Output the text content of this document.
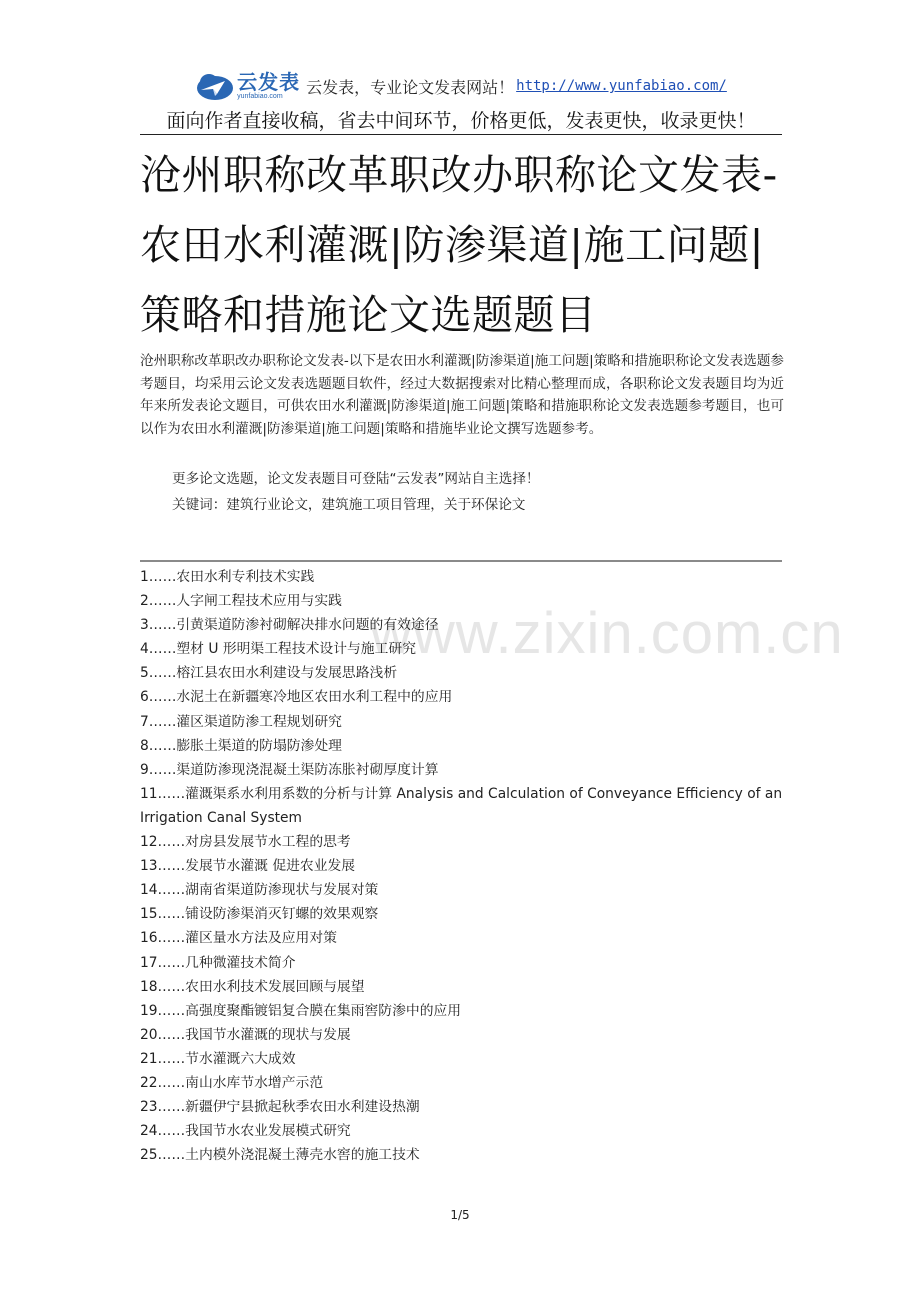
云发表
yunfabiao.com	云发表，专业论文发表网站！ http://www.yunfabiao.com/
面向作者直接收稿，省去中间环节，价格更低，发表更快，收录更快！
沧州职称改革职改办职称论文发表-农田水利灌溉|防渗渠道|施工问题|策略和措施论文选题题目

沧州职称改革职改办职称论文发表-以下是农田水利灌溉|防渗渠道|施工问题|策略和措施职称论文发表选题参考题目，均采用云论文发表选题题目软件，经过大数据搜索对比精心整理而成，各职称论文发表题目均为近年来所发表论文题目，可供农田水利灌溉|防渗渠道|施工问题|策略和措施职称论文发表选题参考题目，也可以作为农田水利灌溉|防渗渠道|施工问题|策略和措施毕业论文撰写选题参考。

更多论文选题，论文发表题目可登陆“云发表”网站自主选择！
关键词：建筑行业论文，建筑施工项目管理，关于环保论文
www.zixin.com.cn
1……农田水利专利技术实践
2……人字闸工程技术应用与实践
3……引黄渠道防渗衬砌解决排水问题的有效途径
4……塑材 U 形明渠工程技术设计与施工研究
5……榕江县农田水利建设与发展思路浅析
6……水泥土在新疆寒冷地区农田水利工程中的应用
7……灌区渠道防渗工程规划研究
8……膨胀土渠道的防塌防渗处理
9……渠道防渗现浇混凝土渠防冻胀衬砌厚度计算
11……灌溉渠系水利用系数的分析与计算 Analysis and Calculation of Conveyance Efficiency of an Irrigation Canal System
12……对房县发展节水工程的思考
13……发展节水灌溉 促进农业发展
14……湖南省渠道防渗现状与发展对策
15……铺设防渗渠消灭钉螺的效果观察
16……灌区量水方法及应用对策
17……几种微灌技术简介
18……农田水利技术发展回顾与展望
19……高强度聚酯镀铝复合膜在集雨窖防渗中的应用
20……我国节水灌溉的现状与发展
21……节水灌溉六大成效
22……南山水库节水增产示范
23……新疆伊宁县掀起秋季农田水利建设热潮
24……我国节水农业发展模式研究
25……土内模外浇混凝土薄壳水窖的施工技术
1/5
